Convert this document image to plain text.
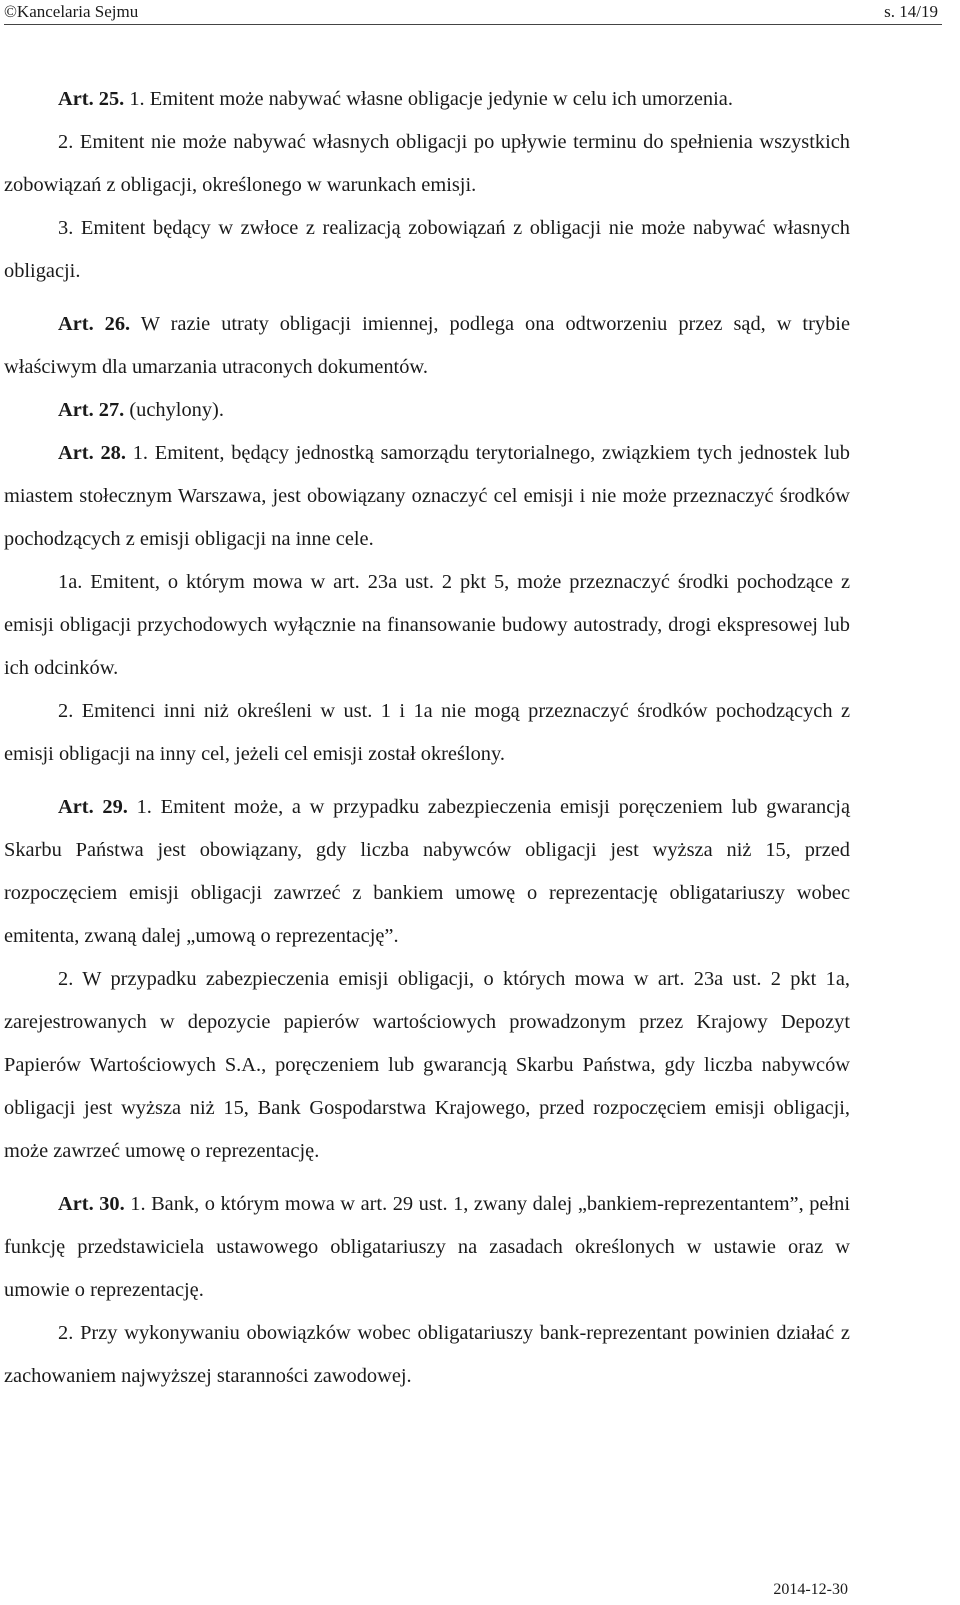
©Kancelaria Sejmu	s. 14/19

Art. 25. 1. Emitent może nabywać własne obligacje jedynie w celu ich umorzenia.

2. Emitent nie może nabywać własnych obligacji po upływie terminu do spełnienia wszystkich zobowiązań z obligacji, określonego w warunkach emisji.

3. Emitent będący w zwłoce z realizacją zobowiązań z obligacji nie może nabywać własnych obligacji.

Art. 26. W razie utraty obligacji imiennej, podlega ona odtworzeniu przez sąd, w trybie właściwym dla umarzania utraconych dokumentów.

Art. 27. (uchylony).

Art. 28. 1. Emitent, będący jednostką samorządu terytorialnego, związkiem tych jednostek lub miastem stołecznym Warszawa, jest obowiązany oznaczyć cel emisji i nie może przeznaczyć środków pochodzących z emisji obligacji na inne cele.

1a. Emitent, o którym mowa w art. 23a ust. 2 pkt 5, może przeznaczyć środki pochodzące z emisji obligacji przychodowych wyłącznie na finansowanie budowy autostrady, drogi ekspresowej lub ich odcinków.

2. Emitenci inni niż określeni w ust. 1 i 1a nie mogą przeznaczyć środków pochodzących z emisji obligacji na inny cel, jeżeli cel emisji został określony.

Art. 29. 1. Emitent może, a w przypadku zabezpieczenia emisji poręczeniem lub gwarancją Skarbu Państwa jest obowiązany, gdy liczba nabywców obligacji jest wyższa niż 15, przed rozpoczęciem emisji obligacji zawrzeć z bankiem umowę o reprezentację obligatariuszy wobec emitenta, zwaną dalej „umową o reprezentację”.

2. W przypadku zabezpieczenia emisji obligacji, o których mowa w art. 23a ust. 2 pkt 1a, zarejestrowanych w depozycie papierów wartościowych prowadzonym przez Krajowy Depozyt Papierów Wartościowych S.A., poręczeniem lub gwarancją Skarbu Państwa, gdy liczba nabywców obligacji jest wyższa niż 15, Bank Gospodarstwa Krajowego, przed rozpoczęciem emisji obligacji, może zawrzeć umowę o reprezentację.

Art. 30. 1. Bank, o którym mowa w art. 29 ust. 1, zwany dalej „bankiem-reprezentantem”, pełni funkcję przedstawiciela ustawowego obligatariuszy na zasadach określonych w ustawie oraz w umowie o reprezentację.

2. Przy wykonywaniu obowiązków wobec obligatariuszy bank-reprezentant powinien działać z zachowaniem najwyższej staranności zawodowej.

2014-12-30
